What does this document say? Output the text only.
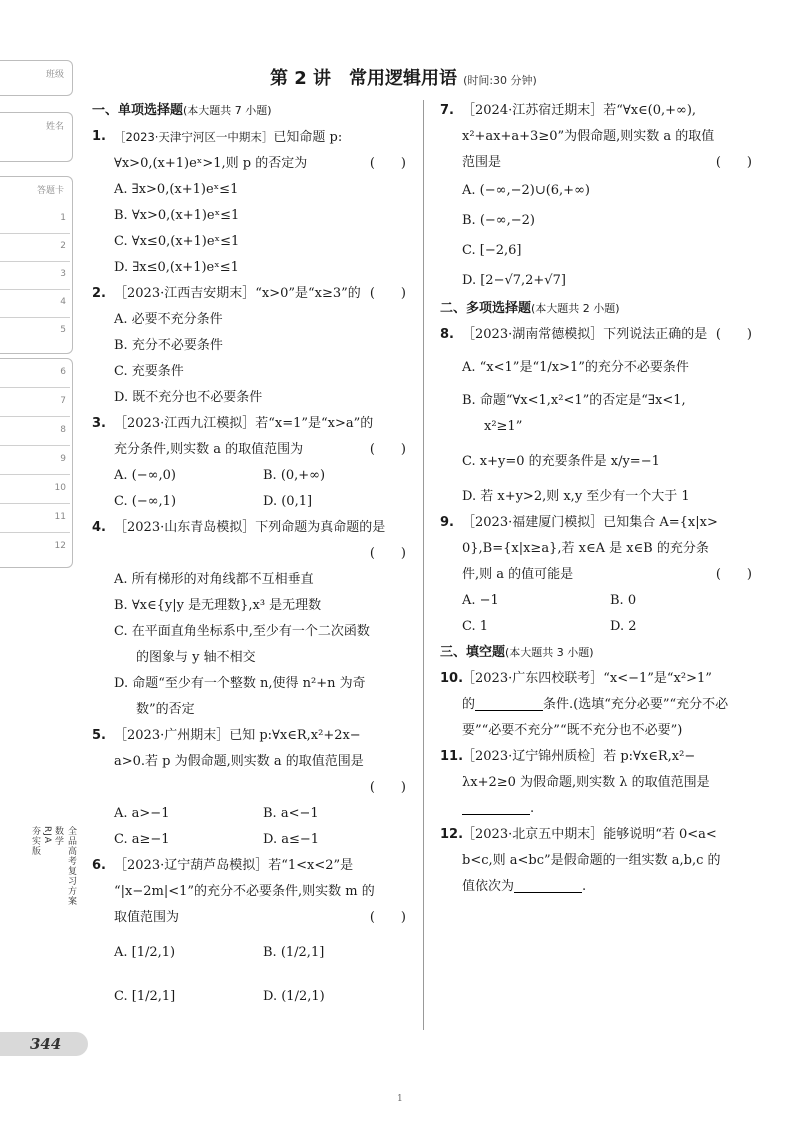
班级
姓名
答题卡
1
2
3
4
5
6
7
8
9
10
11
12
全品高考复习方案
数学
RJA
夯实版
344
第 2 讲　常用逻辑用语 (时间:30 分钟)
一、单项选择题(本大题共 7 小题)
1. ［2023·天津宁河区一中期末］已知命题 p:
∀x>0,(x+1)eˣ>1,则 p 的否定为	(　　)
A. ∃x>0,(x+1)eˣ≤1
B. ∀x>0,(x+1)eˣ≤1
C. ∀x≤0,(x+1)eˣ≤1
D. ∃x≤0,(x+1)eˣ≤1
2. ［2023·江西吉安期末］“x>0”是“x≥3”的 (　　)
A. 必要不充分条件
B. 充分不必要条件
C. 充要条件
D. 既不充分也不必要条件
3. ［2023·江西九江模拟］若“x=1”是“x>a”的
充分条件,则实数 a 的取值范围为	(　　)
A. (−∞,0)	B. (0,+∞)
C. (−∞,1)	D. (0,1]
4. ［2023·山东青岛模拟］下列命题为真命题的是
(　　)
A. 所有梯形的对角线都不互相垂直
B. ∀x∈{y|y 是无理数},x³ 是无理数
C. 在平面直角坐标系中,至少有一个二次函数
的图象与 y 轴不相交
D. 命题“至少有一个整数 n,使得 n²+n 为奇
数”的否定
5. ［2023·广州期末］已知 p:∀x∈R,x²+2x−
a>0.若 p 为假命题,则实数 a 的取值范围是
(　　)
A. a>−1	B. a<−1
C. a≥−1	D. a≤−1
6. ［2023·辽宁葫芦岛模拟］若“1<x<2”是
“|x−2m|<1”的充分不必要条件,则实数 m 的
取值范围为	(　　)
A. [1/2,1)	B. (1/2,1]
C. [1/2,1]	D. (1/2,1)
7. ［2024·江苏宿迁期末］若“∀x∈(0,+∞),
x²+ax+a+3≥0”为假命题,则实数 a 的取值
范围是	(　　)
A. (−∞,−2)∪(6,+∞)
B. (−∞,−2)
C. [−2,6]
D. [2−√7,2+√7]
二、多项选择题(本大题共 2 小题)
8. ［2023·湖南常德模拟］下列说法正确的是 (　　)
A. “x<1”是“1/x>1”的充分不必要条件
B. 命题“∀x<1,x²<1”的否定是“∃x<1,
x²≥1”
C. x+y=0 的充要条件是 x/y=−1
D. 若 x+y>2,则 x,y 至少有一个大于 1
9. ［2023·福建厦门模拟］已知集合 A={x|x>
0},B={x|x≥a},若 x∈A 是 x∈B 的充分条
件,则 a 的值可能是	(　　)
A. −1	B. 0
C. 1	D. 2
三、填空题(本大题共 3 小题)
10.
［2023·广东四校联考］“x<−1”是“x²>1”
的	条件.(选填“充分必要”“充分不必
要”“必要不充分”“既不充分也不必要”)
11.
［2023·辽宁锦州质检］若 p:∀x∈R,x²−
λx+2≥0 为假命题,则实数 λ 的取值范围是
.
12.
［2023·北京五中期末］能够说明“若 0<a<
b<c,则 a<bc”是假命题的一组实数 a,b,c 的
值依次为	.
1
